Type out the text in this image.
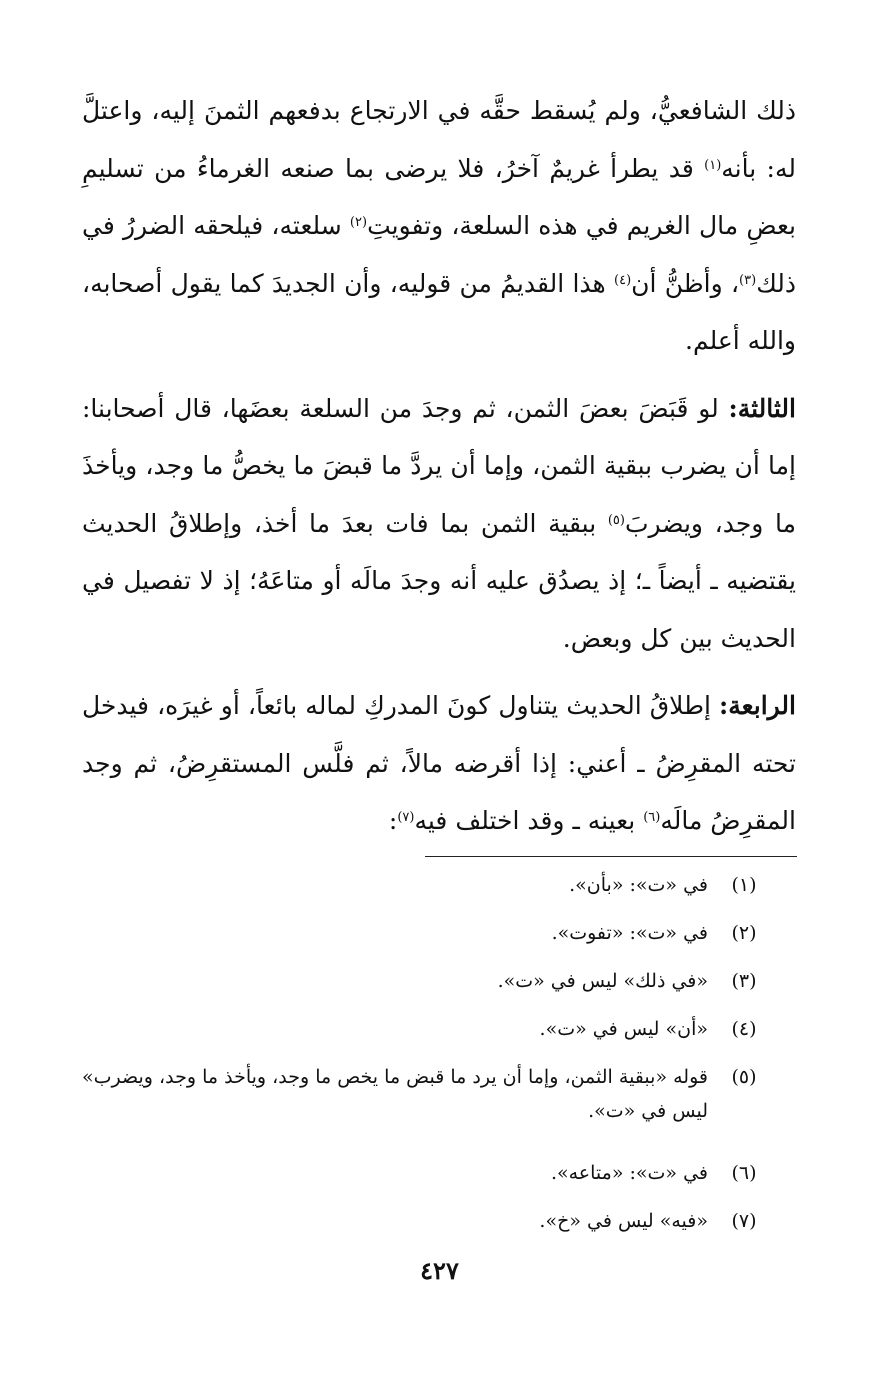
ذلك الشافعيُّ، ولم يُسقط حقَّه في الارتجاع بدفعهم الثمنَ إليه، واعتلَّ له: بأنه$^{(١)}$ قد يطرأ غريمٌ آخرُ، فلا يرضى بما صنعه الغرماءُ من تسليمِ بعضِ مال الغريم في هذه السلعة، وتفويتِ$^{(٢)}$ سلعته، فيلحقه الضررُ في ذلك$^{(٣)}$، وأظنُّ أن$^{(٤)}$ هذا القديمُ من قوليه، وأن الجديدَ كما يقول أصحابه، والله أعلم.

الثالثة: لو قَبَضَ بعضَ الثمن، ثم وجدَ من السلعة بعضَها، قال أصحابنا: إما أن يضرب ببقية الثمن، وإما أن يردَّ ما قبضَ ما يخصُّ ما وجد، ويأخذَ ما وجد، ويضربَ$^{(٥)}$ ببقية الثمن بما فات بعدَ ما أخذ، وإطلاقُ الحديث يقتضيه ـ أيضاً ـ؛ إذ يصدُق عليه أنه وجدَ مالَه أو متاعَهُ؛ إذ لا تفصيل في الحديث بين كل وبعض.

الرابعة: إطلاقُ الحديث يتناول كونَ المدركِ لماله بائعاً، أو غيرَه، فيدخل تحته المقرِضُ ـ أعني: إذا أقرضه مالاً، ثم فلَّس المستقرِضُ، ثم وجد المقرِضُ مالَه$^{(٦)}$ بعينه ـ وقد اختلف فيه$^{(٧)}$:

(١)
في «ت»: «بأن».
(٢)
في «ت»: «تفوت».
(٣)
«في ذلك» ليس في «ت».
(٤)
«أن» ليس في «ت».
(٥)
قوله «ببقية الثمن، وإما أن يرد ما قبض ما يخص ما وجد، ويأخذ ما وجد، ويضرب» ليس في «ت».
(٦)
في «ت»: «متاعه».
(٧)
«فيه» ليس في «خ».
٤٢٧
